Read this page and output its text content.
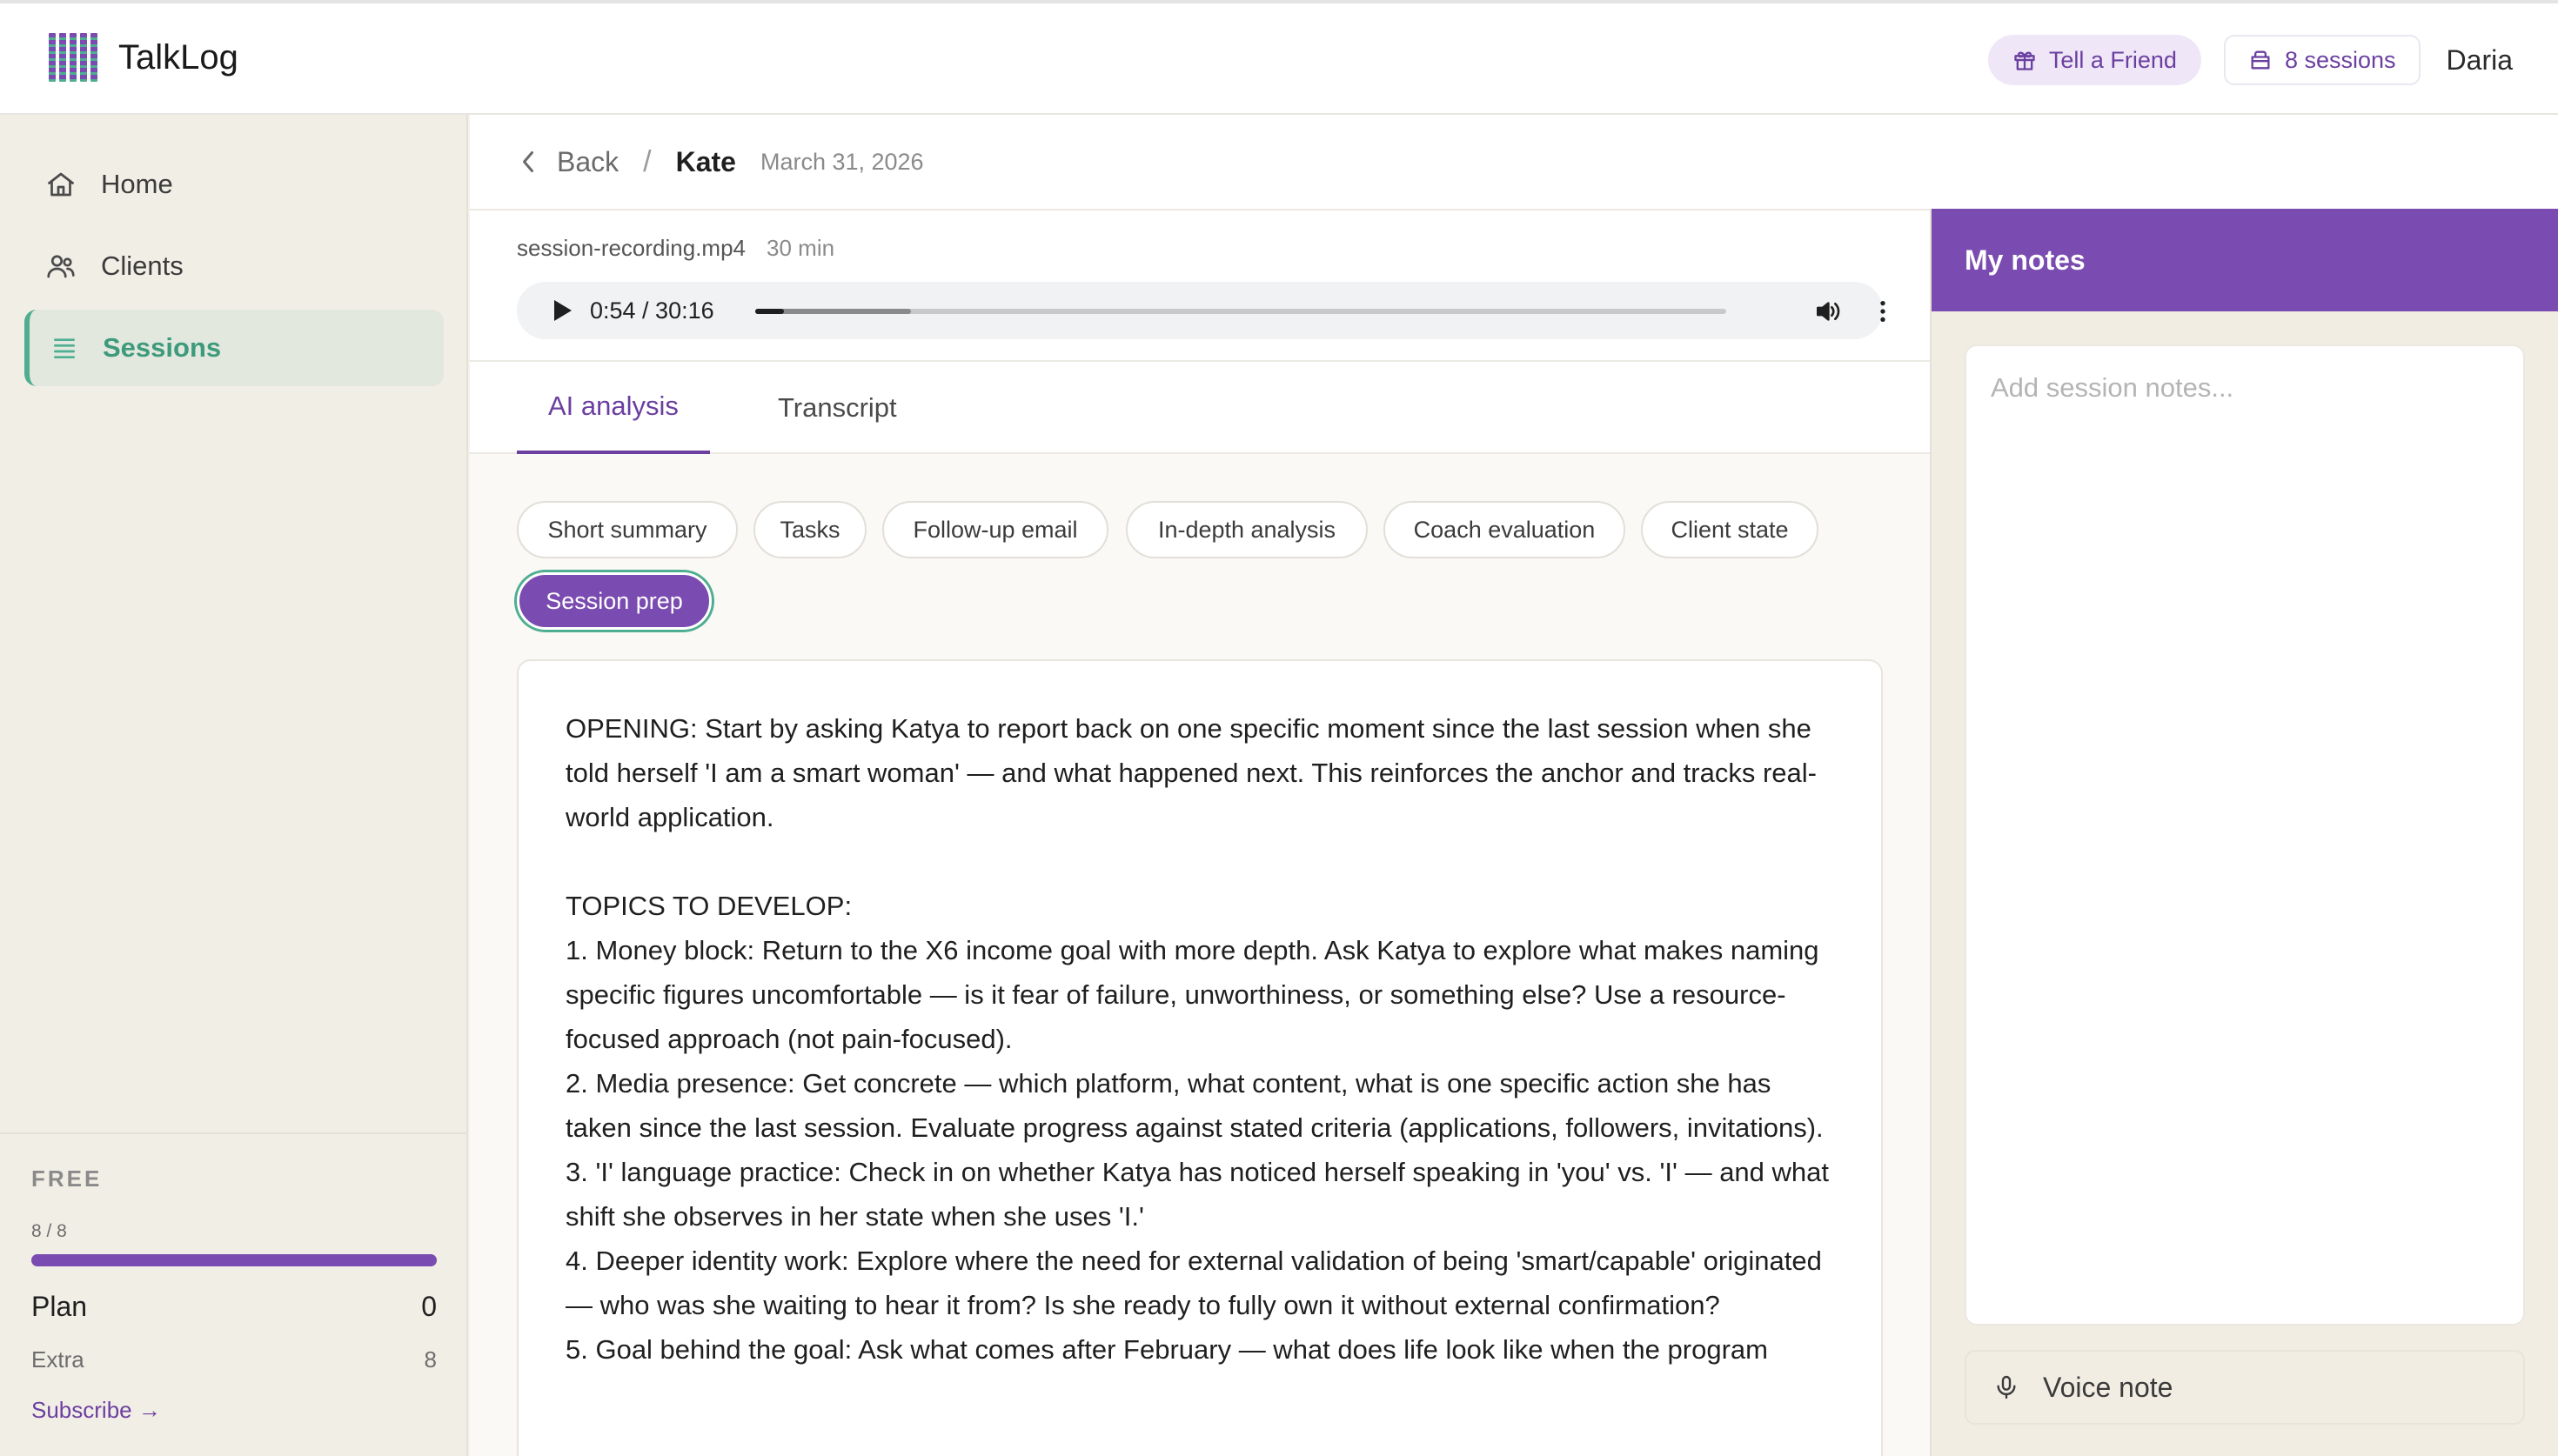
TalkLog	Tell a Friend	8 sessions Daria
Home
Clients
Sessions
FREE
8 / 8
Plan	0
Extra	8
Subscribe →
Back / Kate March 31, 2026
session-recording.mp4 30 min
0:54 / 30:16
AI analysis	Transcript
Short summary	Tasks	Follow-up email	In-depth analysis	Coach evaluation	Client state
Session prep
OPENING: Start by asking Katya to report back on one specific moment since the last session when she told herself 'I am a smart woman' — and what happened next. This reinforces the anchor and tracks real-world application.

TOPICS TO DEVELOP:
1. Money block: Return to the X6 income goal with more depth. Ask Katya to explore what makes naming specific figures uncomfortable — is it fear of failure, unworthiness, or something else? Use a resource-focused approach (not pain-focused).
2. Media presence: Get concrete — which platform, what content, what is one specific action she has taken since the last session. Evaluate progress against stated criteria (applications, followers, invitations).
3. 'I' language practice: Check in on whether Katya has noticed herself speaking in 'you' vs. 'I' — and what shift she observes in her state when she uses 'I.'
4. Deeper identity work: Explore where the need for external validation of being 'smart/capable' originated — who was she waiting to hear it from? Is she ready to fully own it without external confirmation?
5. Goal behind the goal: Ask what comes after February — what does life look like when the program
My notes
Add session notes...
Voice note
